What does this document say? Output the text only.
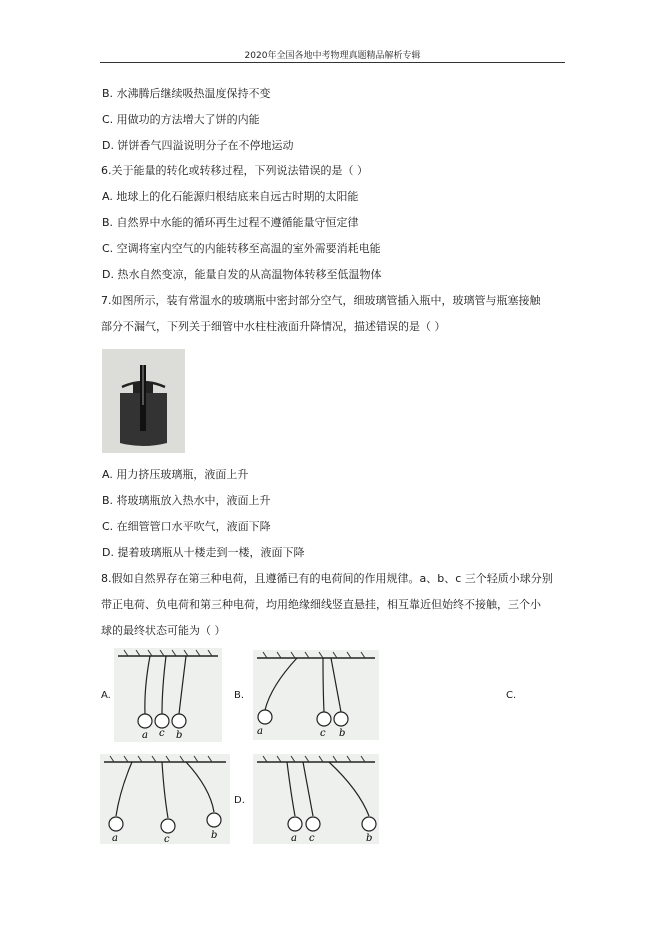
2020年全国各地中考物理真题精品解析专辑
B. 水沸腾后继续吸热温度保持不变
C. 用做功的方法增大了饼的内能
D. 饼饼香气四溢说明分子在不停地运动
6.关于能量的转化或转移过程，下列说法错误的是（ ）
A. 地球上的化石能源归根结底来自远古时期的太阳能
B. 自然界中水能的循环再生过程不遵循能量守恒定律
C. 空调将室内空气的内能转移至高温的室外需要消耗电能
D. 热水自然变凉，能量自发的从高温物体转移至低温物体
7.如图所示，装有常温水的玻璃瓶中密封部分空气，细玻璃管插入瓶中，玻璃管与瓶塞接触
部分不漏气，下列关于细管中水柱柱液面升降情况，描述错误的是（ ）
A. 用力挤压玻璃瓶，液面上升
B. 将玻璃瓶放入热水中，液面上升
C. 在细管管口水平吹气，液面下降
D. 提着玻璃瓶从十楼走到一楼，液面下降
8.假如自然界存在第三种电荷，且遵循已有的电荷间的作用规律。a、b、c 三个轻质小球分别
带正电荷、负电荷和第三种电荷，均用绝缘细线竖直悬挂，相互靠近但始终不接触，三个小
球的最终状态可能为（ ）
A.
a c b
B.
a	c b
C.
a	c	b
D.
a c	b
